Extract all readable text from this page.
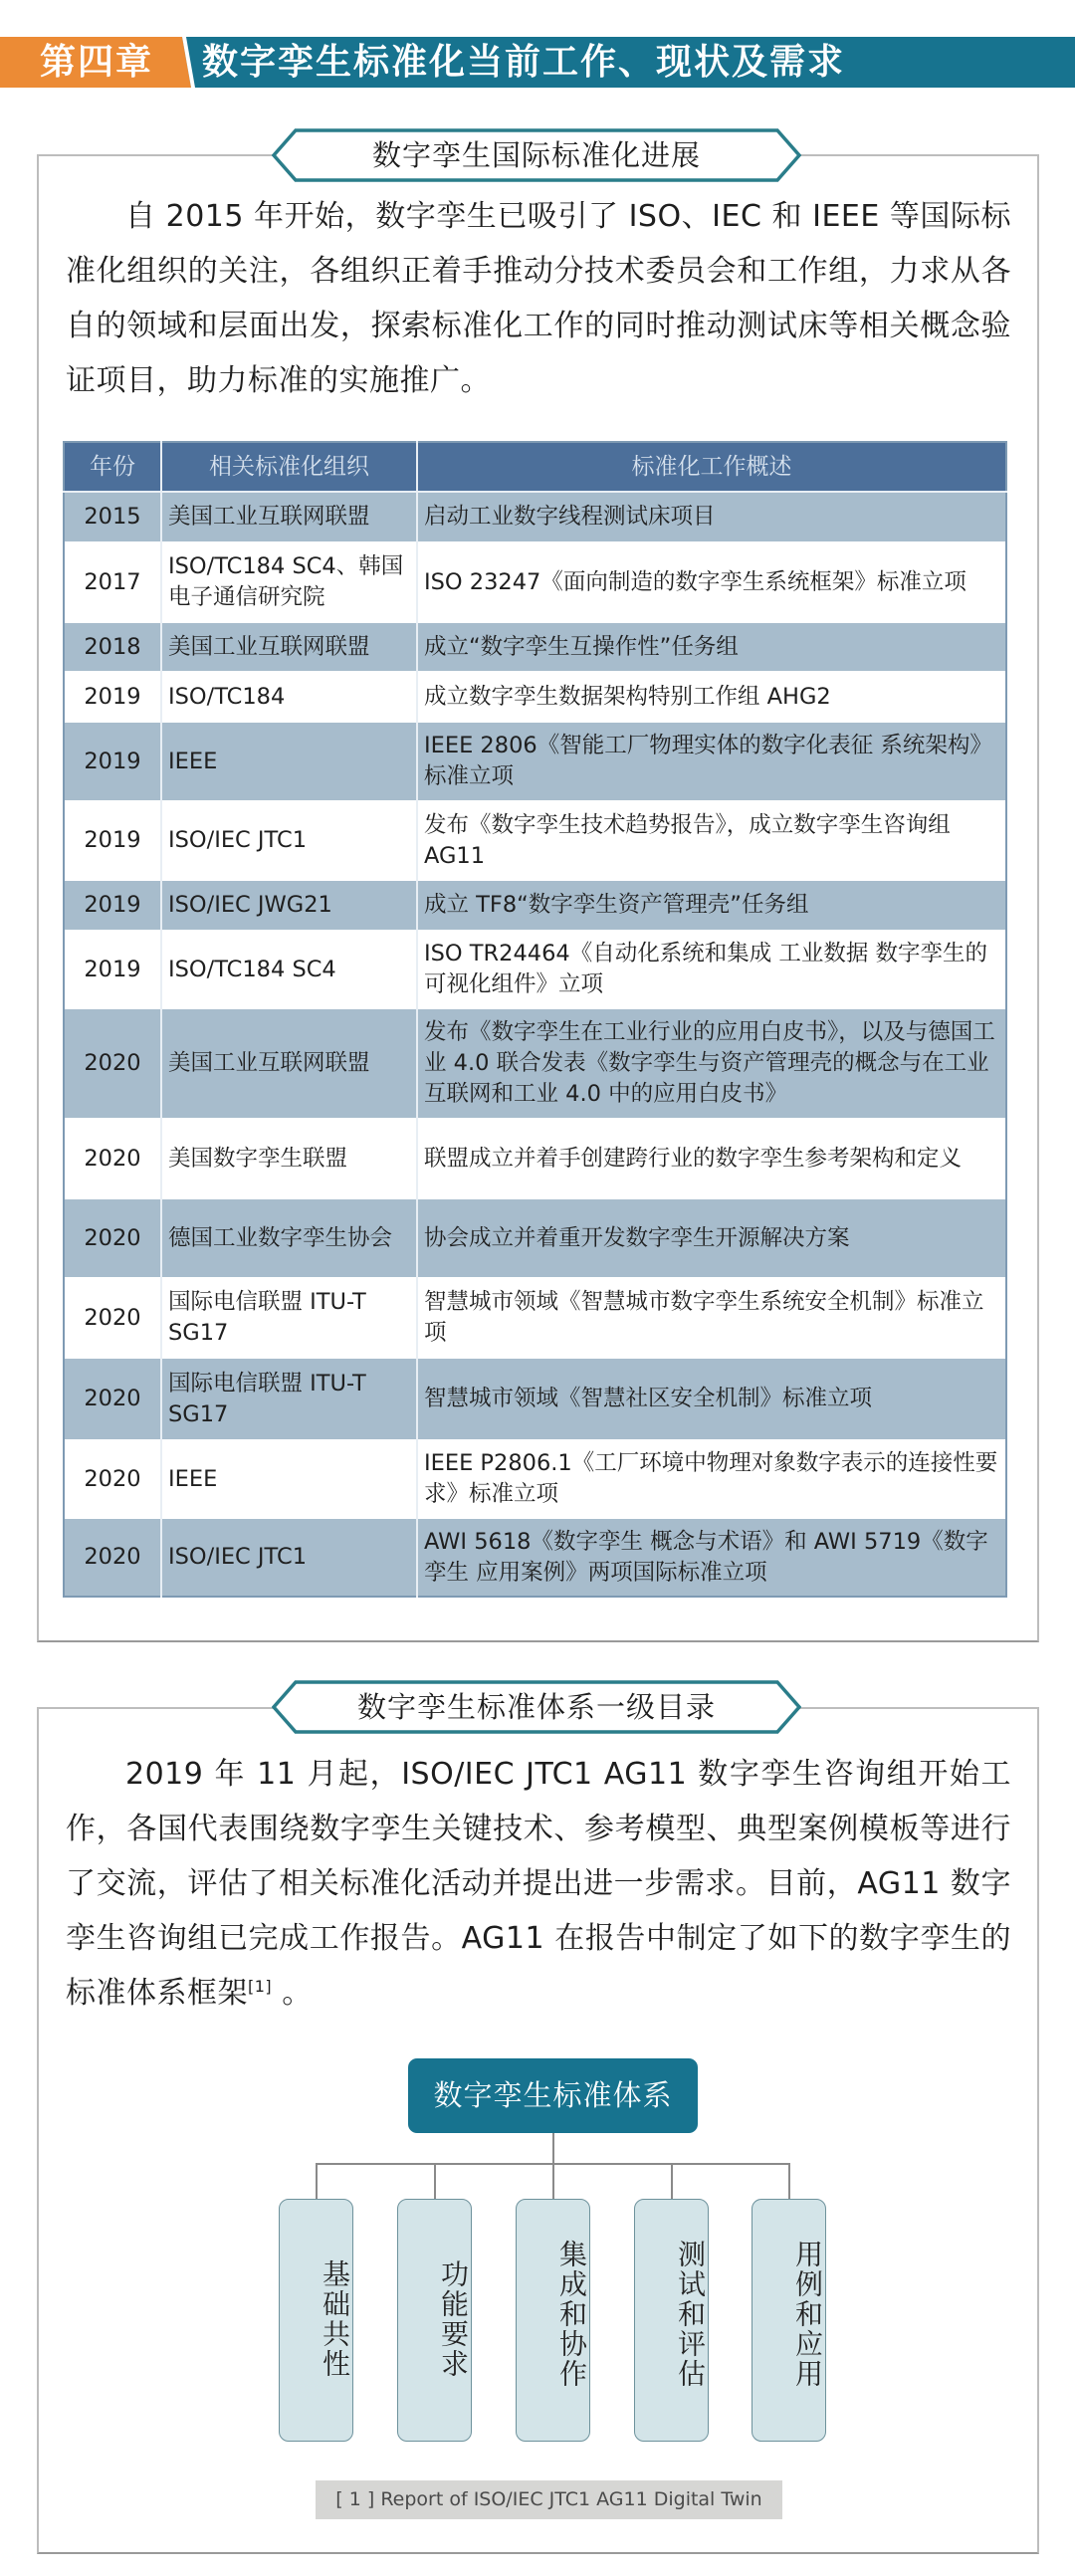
第四章 数字孪生标准化当前工作、现状及需求
数字孪生国际标准化进展

自 2015 年开始，数字孪生已吸引了 ISO、IEC 和 IEEE 等国际标准化组织的关注，各组织正着手推动分技术委员会和工作组，力求从各自的领域和层面出发，探索标准化工作的同时推动测试床等相关概念验证项目，助力标准的实施推广。

年份	相关标准化组织	标准化工作概述
2015	美国工业互联网联盟	启动工业数字线程测试床项目
2017	ISO/TC184 SC4、韩国电子通信研究院	ISO 23247《面向制造的数字孪生系统框架》标准立项
2018	美国工业互联网联盟	成立“数字孪生互操作性”任务组
2019	ISO/TC184	成立数字孪生数据架构特别工作组 AHG2
2019	IEEE	IEEE 2806《智能工厂物理实体的数字化表征 系统架构》标准立项
2019	ISO/IEC JTC1	发布《数字孪生技术趋势报告》，成立数字孪生咨询组 AG11
2019	ISO/IEC JWG21	成立 TF8“数字孪生资产管理壳”任务组
2019	ISO/TC184 SC4	ISO TR24464《自动化系统和集成 工业数据 数字孪生的可视化组件》立项
2020	美国工业互联网联盟	发布《数字孪生在工业行业的应用白皮书》，以及与德国工业 4.0 联合发表《数字孪生与资产管理壳的概念与在工业互联网和工业 4.0 中的应用白皮书》
2020	美国数字孪生联盟	联盟成立并着手创建跨行业的数字孪生参考架构和定义
2020	德国工业数字孪生协会	协会成立并着重开发数字孪生开源解决方案
2020	国际电信联盟 ITU-T SG17	智慧城市领域《智慧城市数字孪生系统安全机制》标准立项
2020	国际电信联盟 ITU-T SG17	智慧城市领域《智慧社区安全机制》标准立项
2020	IEEE	IEEE P2806.1《工厂环境中物理对象数字表示的连接性要求》标准立项
2020	ISO/IEC JTC1	AWI 5618《数字孪生 概念与术语》和 AWI 5719《数字孪生 应用案例》两项国际标准立项
数字孪生标准体系一级目录

2019 年 11 月起，ISO/IEC JTC1 AG11 数字孪生咨询组开始工作，各国代表围绕数字孪生关键技术、参考模型、典型案例模板等进行了交流，评估了相关标准化活动并提出进一步需求。目前，AG11 数字孪生咨询组已完成工作报告。AG11 在报告中制定了如下的数字孪生的标准体系框架[1] 。

数字孪生标准体系
基础共性	功能要求	集成和协作	测试和评估	用例和应用
[ 1 ] Report of ISO/IEC JTC1 AG11 Digital Twin
